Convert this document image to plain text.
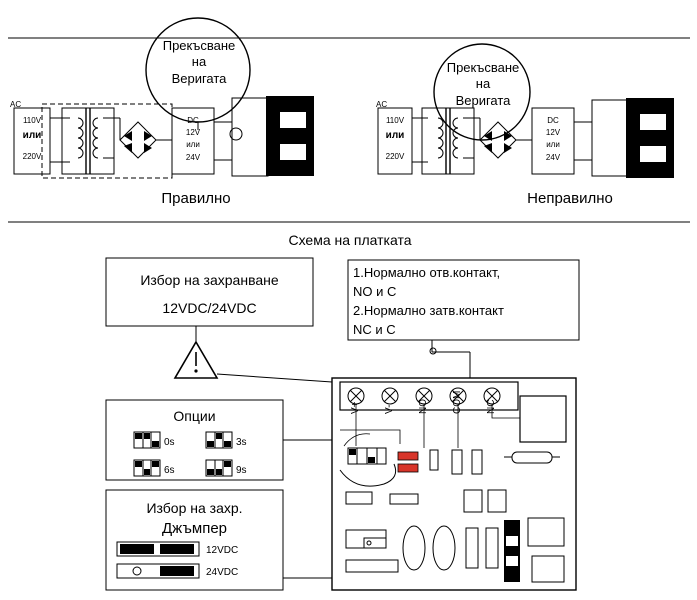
AC
110V
или
220V
DC
12V
или
24V
Прекъсване
на
Веригата
Правилно
AC
110V
или
220V
DC
12V
или
24V
Прекъсване
на
Веригата
Неправилно
Схема на платката
Избор на захранване
12VDC/24VDC
1.Нормално отв.контакт,
NO и C
2.Нормално затв.контакт
NC и C
Опции
0s	3s
6s	9s
Избор на захр.
Джъмпер
12VDC
24VDC
V+ V- NO COM NC
